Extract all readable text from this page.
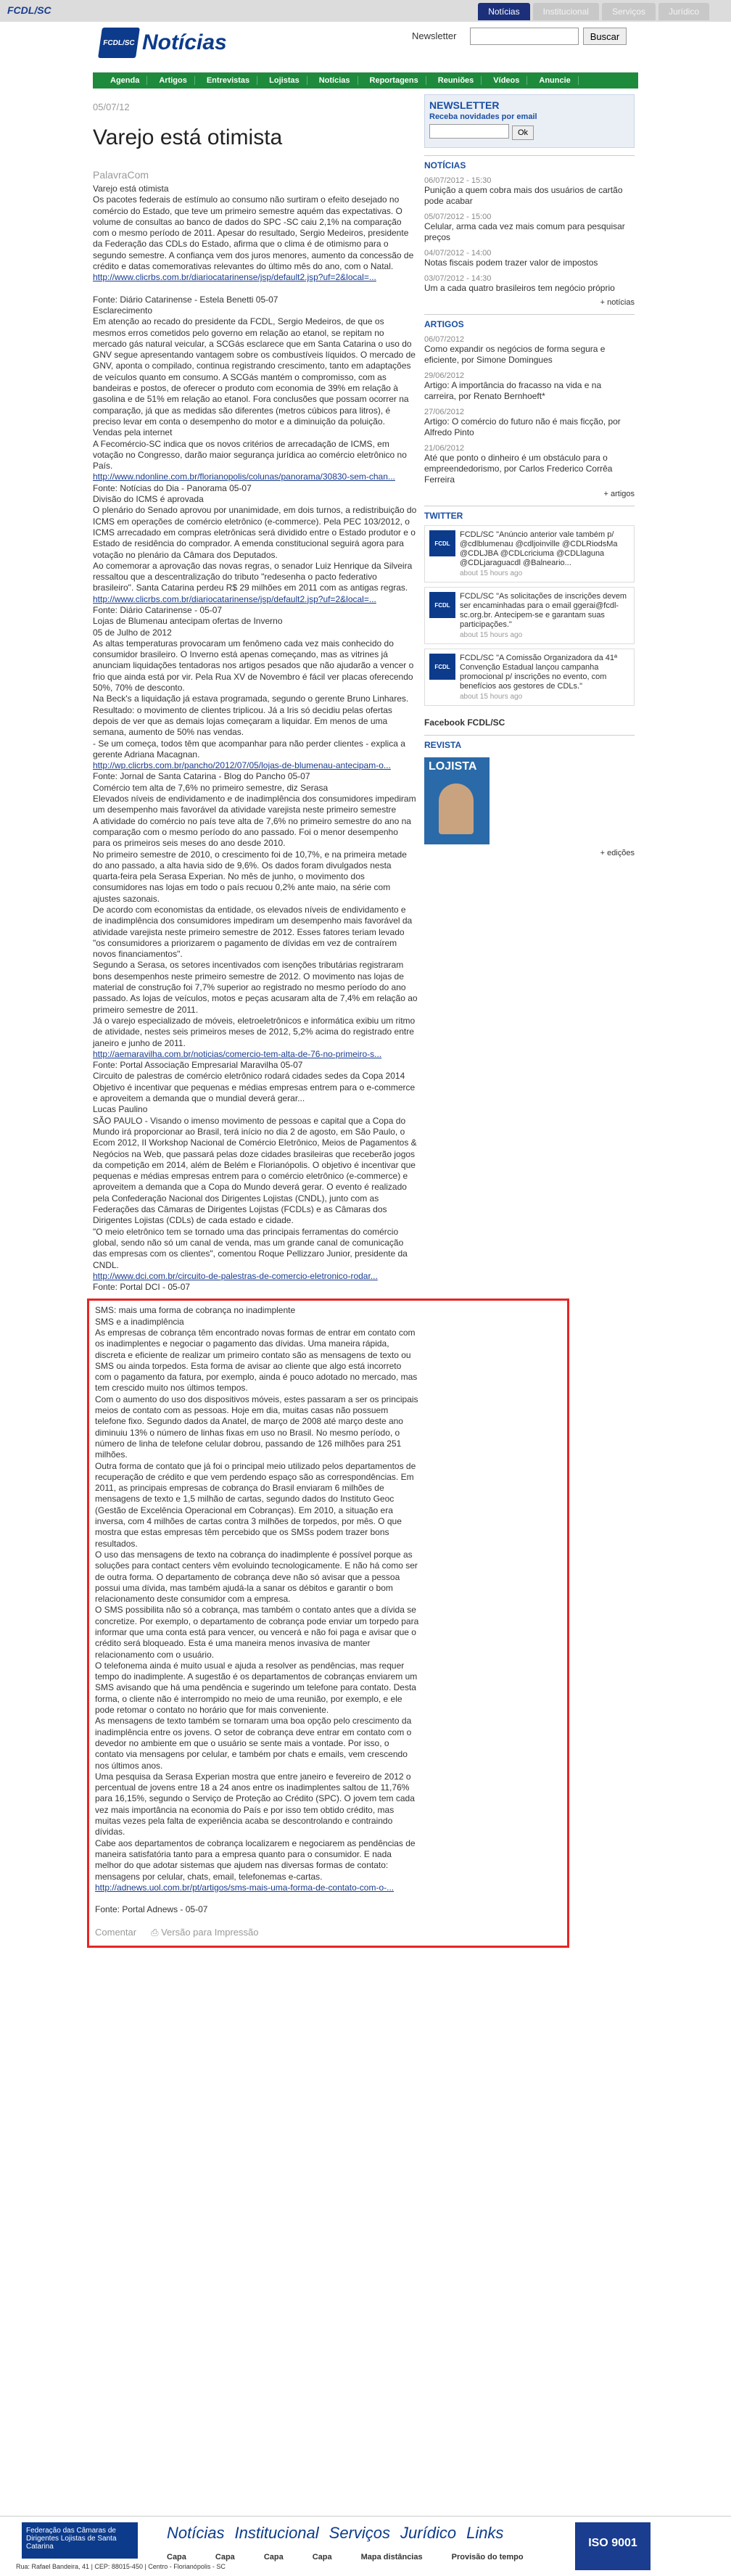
FCDL/SC	Notícias	Institucional	Serviços	Jurídico
FCDL/SC Notícias	Newsletter	Buscar
Agenda	Artigos	Entrevistas	Lojistas	Notícias	Reportagens	Reuniões	Vídeos	Anuncie
05/07/12
Varejo está otimista
PalavraCom

Varejo está otimista

Os pacotes federais de estímulo ao consumo não surtiram o efeito desejado no comércio do Estado, que teve um primeiro semestre aquém das expectativas. O volume de consultas ao banco de dados do SPC -SC caiu 2,1% na comparação com o mesmo período de 2011. Apesar do resultado, Sergio Medeiros, presidente da Federação das CDLs do Estado, afirma que o clima é de otimismo para o segundo semestre. A confiança vem dos juros menores, aumento da concessão de crédito e datas comemorativas relevantes do último mês do ano, com o Natal.

http://www.clicrbs.com.br/diariocatarinense/jsp/default2.jsp?uf=2&local=...

Fonte: Diário Catarinense - Estela Benetti 05-07

Esclarecimento

Em atenção ao recado do presidente da FCDL, Sergio Medeiros, de que os mesmos erros cometidos pelo governo em relação ao etanol, se repitam no mercado gás natural veicular, a SCGás esclarece que em Santa Catarina o uso do GNV segue apresentando vantagem sobre os combustíveis líquidos. O mercado de GNV, aponta o compilado, continua registrando crescimento, tanto em adaptações de veículos quanto em consumo. A SCGás mantém o compromisso, com as bandeiras e postos, de oferecer o produto com economia de 39% em relação à gasolina e de 51% em relação ao etanol. Fora conclusões que possam ocorrer na comparação, já que as medidas são diferentes (metros cúbicos para litros), é preciso levar em conta o desempenho do motor e a diminuição da poluição.

Vendas pela internet

A Fecomércio-SC indica que os novos critérios de arrecadação de ICMS, em votação no Congresso, darão maior segurança jurídica ao comércio eletrônico no País.

http://www.ndonline.com.br/florianopolis/colunas/panorama/30830-sem-chan...

Fonte: Notícias do Dia - Panorama 05-07

Divisão do ICMS é aprovada

O plenário do Senado aprovou por unanimidade, em dois turnos, a redistribuição do ICMS em operações de comércio eletrônico (e-commerce). Pela PEC 103/2012, o ICMS arrecadado em compras eletrônicas será dividido entre o Estado produtor e o Estado de residência do comprador. A emenda constitucional seguirá agora para votação no plenário da Câmara dos Deputados.

Ao comemorar a aprovação das novas regras, o senador Luiz Henrique da Silveira ressaltou que a descentralização do tributo "redesenha o pacto federativo brasileiro". Santa Catarina perdeu R$ 29 milhões em 2011 com as antigas regras.

http://www.clicrbs.com.br/diariocatarinense/jsp/default2.jsp?uf=2&local=...

Fonte: Diário Catarinense - 05-07

Lojas de Blumenau antecipam ofertas de Inverno

05 de Julho de 2012

As altas temperaturas provocaram um fenômeno cada vez mais conhecido do consumidor brasileiro. O Inverno está apenas começando, mas as vitrines já anunciam liquidações tentadoras nos artigos pesados que não ajudarão a vencer o frio que ainda está por vir. Pela Rua XV de Novembro é fácil ver placas oferecendo 50%, 70% de desconto.

Na Beck's a liquidação já estava programada, segundo o gerente Bruno Linhares. Resultado: o movimento de clientes triplicou. Já a Iris só decidiu pelas ofertas depois de ver que as demais lojas começaram a liquidar. Em menos de uma semana, aumento de 50% nas vendas.

- Se um começa, todos têm que acompanhar para não perder clientes - explica a gerente Adriana Macagnan.

http://wp.clicrbs.com.br/pancho/2012/07/05/lojas-de-blumenau-antecipam-o...

Fonte: Jornal de Santa Catarina - Blog do Pancho 05-07

Comércio tem alta de 7,6% no primeiro semestre, diz Serasa

Elevados níveis de endividamento e de inadimplência dos consumidores impediram um desempenho mais favorável da atividade varejista neste primeiro semestre

A atividade do comércio no país teve alta de 7,6% no primeiro semestre do ano na comparação com o mesmo período do ano passado. Foi o menor desempenho para os primeiros seis meses do ano desde 2010.

No primeiro semestre de 2010, o crescimento foi de 10,7%, e na primeira metade do ano passado, a alta havia sido de 9,6%. Os dados foram divulgados nesta quarta-feira pela Serasa Experian. No mês de junho, o movimento dos consumidores nas lojas em todo o país recuou 0,2% ante maio, na série com ajustes sazonais.

De acordo com economistas da entidade, os elevados níveis de endividamento e de inadimplência dos consumidores impediram um desempenho mais favorável da atividade varejista neste primeiro semestre de 2012. Esses fatores teriam levado "os consumidores a priorizarem o pagamento de dívidas em vez de contraírem novos financiamentos".

Segundo a Serasa, os setores incentivados com isenções tributárias registraram bons desempenhos neste primeiro semestre de 2012. O movimento nas lojas de material de construção foi 7,7% superior ao registrado no mesmo período do ano passado. As lojas de veículos, motos e peças acusaram alta de 7,4% em relação ao primeiro semestre de 2011.

Já o varejo especializado de móveis, eletroeletrônicos e informática exibiu um ritmo de atividade, nestes seis primeiros meses de 2012, 5,2% acima do registrado entre janeiro e junho de 2011.

http://aemaravilha.com.br/noticias/comercio-tem-alta-de-76-no-primeiro-s...

Fonte: Portal Associação Empresarial Maravilha 05-07

Circuito de palestras de comércio eletrônico rodará cidades sedes da Copa 2014

Objetivo é incentivar que pequenas e médias empresas entrem para o e-commerce e aproveitem a demanda que o mundial deverá gerar...

Lucas Paulino

SÃO PAULO - Visando o imenso movimento de pessoas e capital que a Copa do Mundo irá proporcionar ao Brasil, terá início no dia 2 de agosto, em São Paulo, o Ecom 2012, II Workshop Nacional de Comércio Eletrônico, Meios de Pagamentos & Negócios na Web, que passará pelas doze cidades brasileiras que receberão jogos da competição em 2014, além de Belém e Florianópolis. O objetivo é incentivar que pequenas e médias empresas entrem para o comércio eletrônico (e-commerce) e aproveitem a demanda que a Copa do Mundo deverá gerar. O evento é realizado pela Confederação Nacional dos Dirigentes Lojistas (CNDL), junto com as Federações das Câmaras de Dirigentes Lojistas (FCDLs) e as Câmaras dos Dirigentes Lojistas (CDLs) de cada estado e cidade.

"O meio eletrônico tem se tornado uma das principais ferramentas do comércio global, sendo não só um canal de venda, mas um grande canal de comunicação das empresas com os clientes", comentou Roque Pellizzaro Junior, presidente da CNDL.

http://www.dci.com.br/circuito-de-palestras-de-comercio-eletronico-rodar...

Fonte: Portal DCI - 05-07

SMS: mais uma forma de cobrança no inadimplente

SMS e a inadimplência

As empresas de cobrança têm encontrado novas formas de entrar em contato com os inadimplentes e negociar o pagamento das dívidas. Uma maneira rápida, discreta e eficiente de realizar um primeiro contato são as mensagens de texto ou SMS ou ainda torpedos. Esta forma de avisar ao cliente que algo está incorreto com o pagamento da fatura, por exemplo, ainda é pouco adotado no mercado, mas tem crescido muito nos últimos tempos.

Com o aumento do uso dos dispositivos móveis, estes passaram a ser os principais meios de contato com as pessoas. Hoje em dia, muitas casas não possuem telefone fixo. Segundo dados da Anatel, de março de 2008 até março deste ano diminuiu 13% o número de linhas fixas em uso no Brasil. No mesmo período, o número de linha de telefone celular dobrou, passando de 126 milhões para 251 milhões.

Outra forma de contato que já foi o principal meio utilizado pelos departamentos de recuperação de crédito e que vem perdendo espaço são as correspondências. Em 2011, as principais empresas de cobrança do Brasil enviaram 6 milhões de mensagens de texto e 1,5 milhão de cartas, segundo dados do Instituto Geoc (Gestão de Excelência Operacional em Cobranças). Em 2010, a situação era inversa, com 4 milhões de cartas contra 3 milhões de torpedos, por mês. O que mostra que estas empresas têm percebido que os SMSs podem trazer bons resultados.

O uso das mensagens de texto na cobrança do inadimplente é possível porque as soluções para contact centers vêm evoluindo tecnologicamente. E não há como ser de outra forma. O departamento de cobrança deve não só avisar que a pessoa possui uma dívida, mas também ajudá-la a sanar os débitos e garantir o bom relacionamento deste consumidor com a empresa.

O SMS possibilita não só a cobrança, mas também o contato antes que a dívida se concretize. Por exemplo, o departamento de cobrança pode enviar um torpedo para informar que uma conta está para vencer, ou vencerá e não foi paga e avisar que o crédito será bloqueado. Esta é uma maneira menos invasiva de manter relacionamento com o usuário.

O telefonema ainda é muito usual e ajuda a resolver as pendências, mas requer tempo do inadimplente. A sugestão é os departamentos de cobranças enviarem um SMS avisando que há uma pendência e sugerindo um telefone para contato. Desta forma, o cliente não é interrompido no meio de uma reunião, por exemplo, e ele pode retomar o contato no horário que for mais conveniente.

As mensagens de texto também se tornaram uma boa opção pelo crescimento da inadimplência entre os jovens. O setor de cobrança deve entrar em contato com o devedor no ambiente em que o usuário se sente mais a vontade. Por isso, o contato via mensagens por celular, e também por chats e emails, vem crescendo nos últimos anos.

Uma pesquisa da Serasa Experian mostra que entre janeiro e fevereiro de 2012 o percentual de jovens entre 18 a 24 anos entre os inadimplentes saltou de 11,76% para 16,15%, segundo o Serviço de Proteção ao Crédito (SPC). O jovem tem cada vez mais importância na economia do País e por isso tem obtido crédito, mas muitas vezes pela falta de experiência acaba se descontrolando e contraindo dívidas.

Cabe aos departamentos de cobrança localizarem e negociarem as pendências de maneira satisfatória tanto para a empresa quanto para o consumidor. E nada melhor do que adotar sistemas que ajudem nas diversas formas de contato: mensagens por celular, chats, email, telefonemas e-cartas.

http://adnews.uol.com.br/pt/artigos/sms-mais-uma-forma-de-contato-com-o-...

Fonte: Portal Adnews - 05-07

Comentar ⎙ Versão para Impressão
NEWSLETTER
Receba novidades por email
Ok
NOTÍCIAS
06/07/2012 - 15:30
Punição a quem cobra mais dos usuários de cartão pode acabar
05/07/2012 - 15:00
Celular, arma cada vez mais comum para pesquisar preços
04/07/2012 - 14:00
Notas fiscais podem trazer valor de impostos
03/07/2012 - 14:30
Um a cada quatro brasileiros tem negócio próprio
+ notícias
ARTIGOS
06/07/2012
Como expandir os negócios de forma segura e eficiente, por Simone Domingues
29/06/2012
Artigo: A importância do fracasso na vida e na carreira, por Renato Bernhoeft*
27/06/2012
Artigo: O comércio do futuro não é mais ficção, por Alfredo Pinto
21/06/2012
Até que ponto o dinheiro é um obstáculo para o empreendedorismo, por Carlos Frederico Corrêa Ferreira
+ artigos
TWITTER
FCDL
FCDL/SC "Anúncio anterior vale também p/ @cdlblumenau @cdljoinville @CDLRiodsMa @CDLJBA @CDLcriciuma @CDLlaguna @CDLjaraguacdl @Balneario...
about 15 hours ago
FCDL
FCDL/SC "As solicitações de inscrições devem ser encaminhadas para o email ggerai@fcdl-sc.org.br. Antecipem-se e garantam suas participações."
about 15 hours ago
FCDL
FCDL/SC "A Comissão Organizadora da 41ª Convenção Estadual lançou campanha promocional p/ inscrições no evento, com benefícios aos gestores de CDLs."
about 15 hours ago
Facebook FCDL/SC
REVISTA
LOJISTA
+ edições
Federação das Câmaras de Dirigentes Lojistas de Santa Catarina
Notícias Institucional Serviços Jurídico Links
Capa	Capa	Capa	Capa	Mapa distâncias	Provisão do tempo
ISO 9001
Rua: Rafael Bandeira, 41 | CEP: 88015-450 | Centro - Florianópolis - SC
